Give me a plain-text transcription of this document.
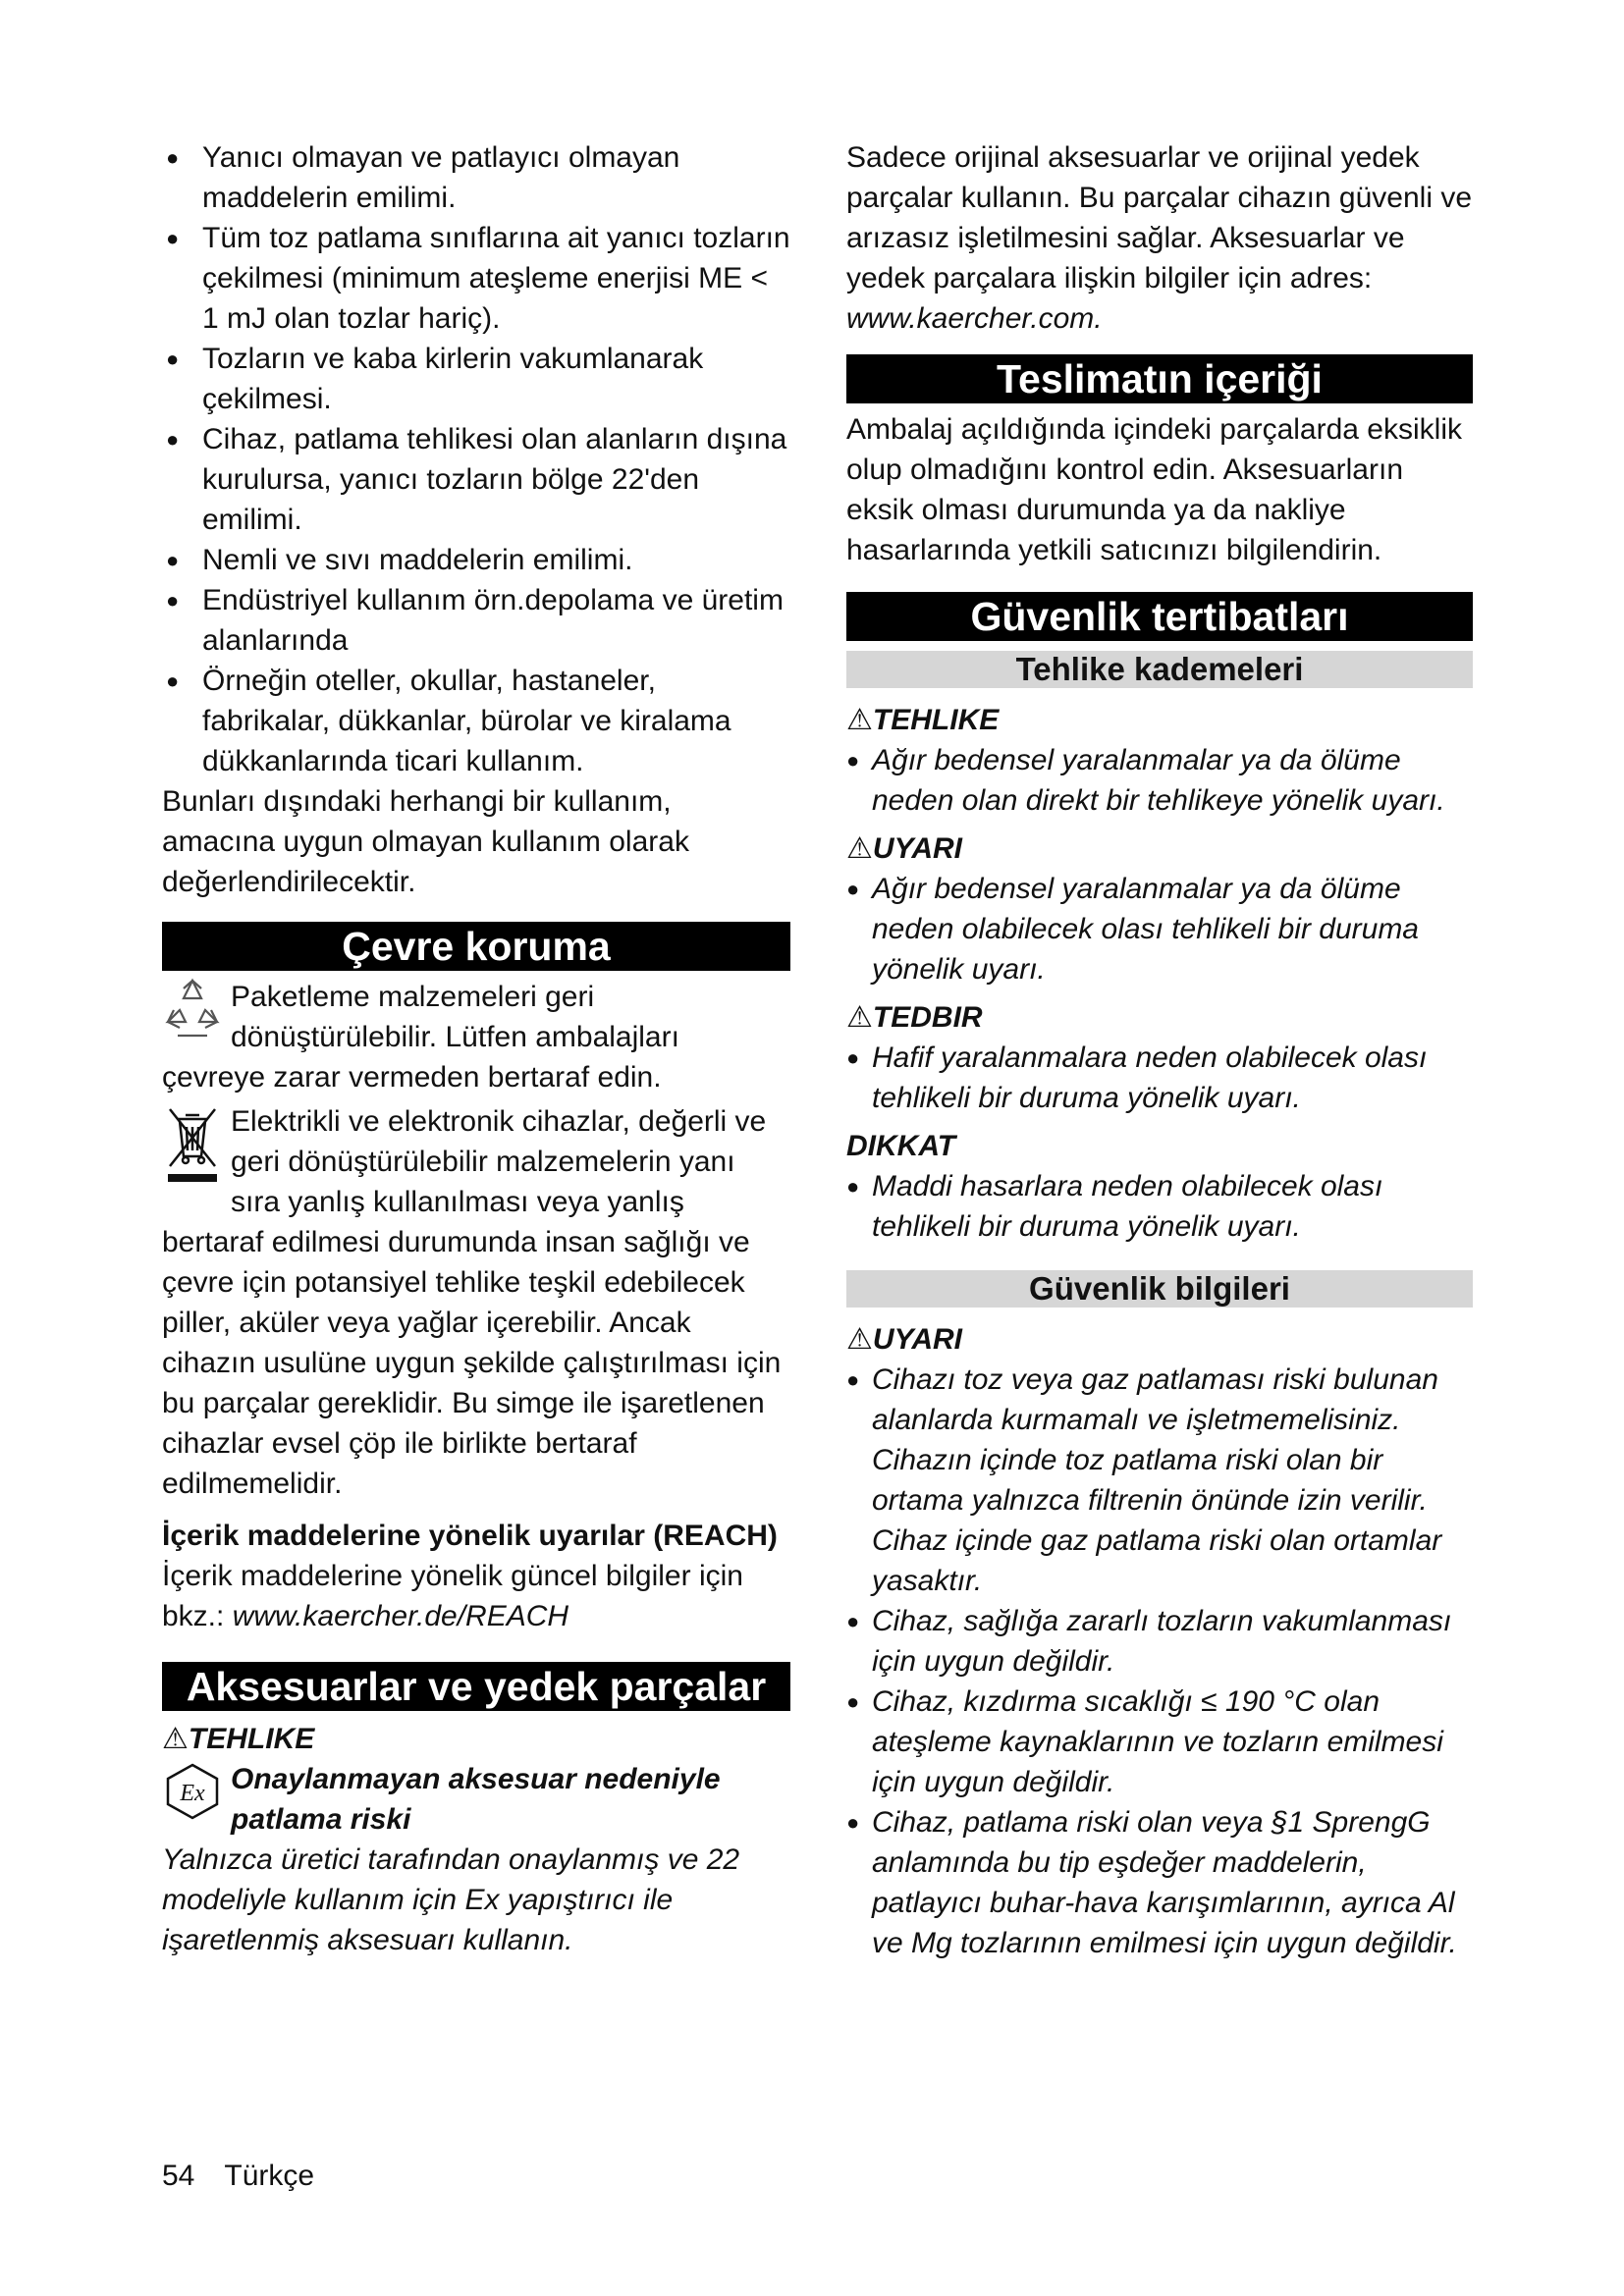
● Yanıcı olmayan ve patlayıcı olmayan maddelerin emilimi.
● Tüm toz patlama sınıflarına ait yanıcı tozların çekilmesi (minimum ateşleme enerjisi ME < 1 mJ olan tozlar hariç).
● Tozların ve kaba kirlerin vakumlanarak çekilmesi.
● Cihaz, patlama tehlikesi olan alanların dışına kurulursa, yanıcı tozların bölge 22'den emilimi.
● Nemli ve sıvı maddelerin emilimi.
● Endüstriyel kullanım örn.depolama ve üretim alanlarında
● Örneğin oteller, okullar, hastaneler, fabrikalar, dükkanlar, bürolar ve kiralama dükkanlarında ticari kullanım.

Bunları dışındaki herhangi bir kullanım, amacına uygun olmayan kullanım olarak değerlendirilecektir.

Çevre koruma
Paketleme malzemeleri geri dönüştürülebilir. Lütfen ambalajları çevreye zarar vermeden bertaraf edin.
Elektrikli ve elektronik cihazlar, değerli ve geri dönüştürülebilir malzemelerin yanı sıra yanlış kullanılması veya yanlış bertaraf edilmesi durumunda insan sağlığı ve çevre için potansiyel tehlike teşkil edebilecek piller, aküler veya yağlar içerebilir. Ancak cihazın usulüne uygun şekilde çalıştırılması için bu parçalar gereklidir. Bu simge ile işaretlenen cihazlar evsel çöp ile birlikte bertaraf edilmemelidir.
İçerik maddelerine yönelik uyarılar (REACH)

İçerik maddelerine yönelik güncel bilgiler için bkz.: www.kaercher.de/REACH

Aksesuarlar ve yedek parçalar
⚠TEHLIKE
Ex Onaylanmayan aksesuar nedeniyle patlama riski

Yalnızca üretici tarafından onaylanmış ve 22 modeliyle kullanım için Ex yapıştırıcı ile işaretlenmiş aksesuarı kullanın.

Sadece orijinal aksesuarlar ve orijinal yedek parçalar kullanın. Bu parçalar cihazın güvenli ve arızasız işletilmesini sağlar. Aksesuarlar ve yedek parçalara ilişkin bilgiler için adres: www.kaercher.com.

Teslimatın içeriği

Ambalaj açıldığında içindeki parçalarda eksiklik olup olmadığını kontrol edin. Aksesuarların eksik olması durumunda ya da nakliye hasarlarında yetkili satıcınızı bilgilendirin.

Güvenlik tertibatları
Tehlike kademeleri
⚠TEHLIKE
● Ağır bedensel yaralanmalar ya da ölüme neden olan direkt bir tehlikeye yönelik uyarı.
⚠UYARI
● Ağır bedensel yaralanmalar ya da ölüme neden olabilecek olası tehlikeli bir duruma yönelik uyarı.
⚠TEDBIR
● Hafif yaralanmalara neden olabilecek olası tehlikeli bir duruma yönelik uyarı.
DIKKAT
● Maddi hasarlara neden olabilecek olası tehlikeli bir duruma yönelik uyarı.
Güvenlik bilgileri
⚠UYARI
● Cihazı toz veya gaz patlaması riski bulunan alanlarda kurmamalı ve işletmemelisiniz. Cihazın içinde toz patlama riski olan bir ortama yalnızca filtrenin önünde izin verilir. Cihaz içinde gaz patlama riski olan ortamlar yasaktır.
● Cihaz, sağlığa zararlı tozların vakumlanması için uygun değildir.
● Cihaz, kızdırma sıcaklığı ≤ 190 °C olan ateşleme kaynaklarının ve tozların emilmesi için uygun değildir.
● Cihaz, patlama riski olan veya §1 SprengG anlamında bu tip eşdeğer maddelerin, patlayıcı buhar-hava karışımlarının, ayrıca Al ve Mg tozlarının emilmesi için uygun değildir.
54 Türkçe
